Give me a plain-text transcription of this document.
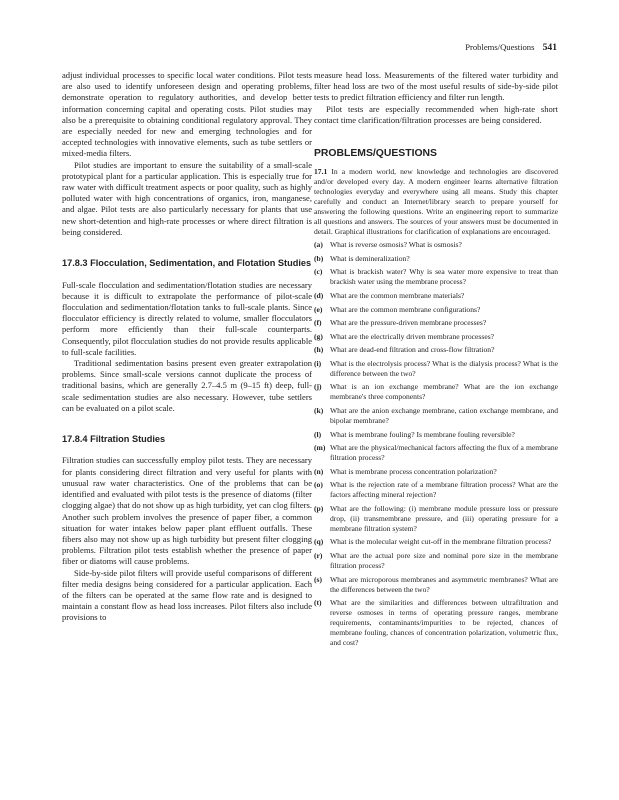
Problems/Questions 541

adjust individual processes to specific local water conditions. Pilot tests are also used to identify unforeseen design and operating problems, demonstrate operation to regulatory authorities, and develop better information concerning capital and operating costs. Pilot studies may also be a prerequisite to obtaining conditional regulatory approval. They are especially needed for new and emerging technologies and for accepted technologies with innovative elements, such as tube settlers or mixed-media filters.

Pilot studies are important to ensure the suitability of a small-scale prototypical plant for a particular application. This is especially true for raw water with difficult treatment aspects or poor quality, such as highly polluted water with high concentrations of organics, iron, manganese, and algae. Pilot tests are also particularly necessary for plants that use new short-detention and high-rate processes or where direct filtration is being considered.

17.8.3 Flocculation, Sedimentation, and Flotation Studies

Full-scale flocculation and sedimentation/flotation studies are necessary because it is difficult to extrapolate the performance of pilot-scale flocculation and sedimentation/flotation tanks to full-scale plants. Since flocculator efficiency is directly related to volume, smaller flocculators perform more efficiently than their full-scale counterparts. Consequently, pilot flocculation studies do not provide results applicable to full-scale facilities.

Traditional sedimentation basins present even greater extrapolation problems. Since small-scale versions cannot duplicate the process of traditional basins, which are generally 2.7–4.5 m (9–15 ft) deep, full-scale sedimentation studies are also necessary. However, tube settlers can be evaluated on a pilot scale.

17.8.4 Filtration Studies

Filtration studies can successfully employ pilot tests. They are necessary for plants considering direct filtration and very useful for plants with unusual raw water characteristics. One of the problems that can be identified and evaluated with pilot tests is the presence of diatoms (filter clogging algae) that do not show up as high turbidity, yet can clog filters. Another such problem involves the presence of paper fiber, a common situation for water intakes below paper plant effluent outfalls. These fibers also may not show up as high turbidity but present filter clogging problems. Filtration pilot tests establish whether the presence of paper fiber or diatoms will cause problems.

Side-by-side pilot filters will provide useful comparisons of different filter media designs being considered for a particular application. Each of the filters can be operated at the same flow rate and is designed to maintain a constant flow as head loss increases. Pilot filters also include provisions to

measure head loss. Measurements of the filtered water turbidity and filter head loss are two of the most useful results of side-by-side pilot tests to predict filtration efficiency and filter run length.

Pilot tests are especially recommended when high-rate short contact time clarification/filtration processes are being considered.

PROBLEMS/QUESTIONS
17.1 In a modern world, new knowledge and technologies are discovered and/or developed every day. A modern engineer learns alternative filtration technologies everyday and everywhere using all means. Study this chapter carefully and conduct an Internet/library search to prepare yourself for answering the following questions. Write an engineering report to summarize all questions and answers. The sources of your answers must be documented in detail. Graphical illustrations for clarification of explanations are encouraged.
(a) What is reverse osmosis? What is osmosis?
(b) What is demineralization?
(c) What is brackish water? Why is sea water more expensive to treat than brackish water using the membrane process?
(d) What are the common membrane materials?
(e) What are the common membrane configurations?
(f) What are the pressure-driven membrane processes?
(g) What are the electrically driven membrane processes?
(h) What are dead-end filtration and cross-flow filtration?
(i) What is the electrolysis process? What is the dialysis process? What is the difference between the two?
(j) What is an ion exchange membrane? What are the ion exchange membrane's three components?
(k) What are the anion exchange membrane, cation exchange membrane, and bipolar membrane?
(l) What is membrane fouling? Is membrane fouling reversible?
(m) What are the physical/mechanical factors affecting the flux of a membrane filtration process?
(n) What is membrane process concentration polarization?
(o) What is the rejection rate of a membrane filtration process? What are the factors affecting mineral rejection?
(p) What are the following: (i) membrane module pressure loss or pressure drop, (ii) transmembrane pressure, and (iii) operating pressure for a membrane filtration system?
(q) What is the molecular weight cut-off in the membrane filtration process?
(r) What are the actual pore size and nominal pore size in the membrane filtration process?
(s) What are microporous membranes and asymmetric membranes? What are the differences between the two?
(t) What are the similarities and differences between ultrafiltration and reverse osmoses in terms of operating pressure ranges, membrane requirements, contaminants/impurities to be rejected, chances of membrane fouling, chances of concentration polarization, volumetric flux, and cost?
